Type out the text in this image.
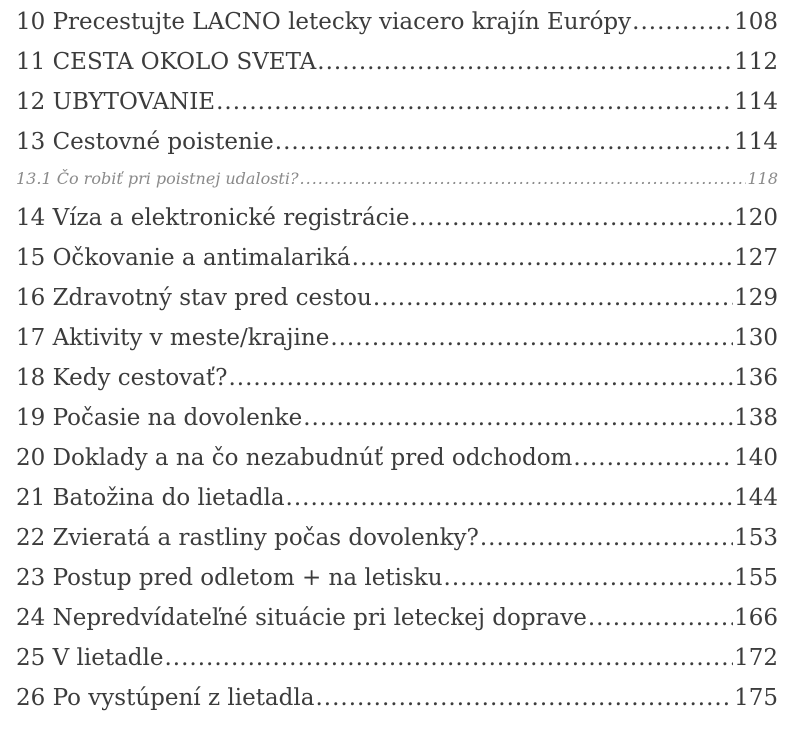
10 Precestujte LACNO letecky viacero krajín Európy .....	108
11 CESTA OKOLO SVETA .....	112
12 UBYTOVANIE .....	114
13 Cestovné poistenie .....	114
13.1 Čo robiť pri poistnej udalosti? .....	118
14 Víza a elektronické registrácie .....	120
15 Očkovanie a antimalariká .....	127
16 Zdravotný stav pred cestou .....	129
17 Aktivity v meste/krajine .....	130
18 Kedy cestovať? .....	136
19 Počasie na dovolenke .....	138
20 Doklady a na čo nezabudnúť pred odchodom .....	140
21 Batožina do lietadla .....	144
22 Zvieratá a rastliny počas dovolenky? .....	153
23 Postup pred odletom + na letisku .....	155
24 Nepredvídateľné situácie pri leteckej doprave .....	166
25 V lietadle .....	172
26 Po vystúpení z lietadla .....	175
